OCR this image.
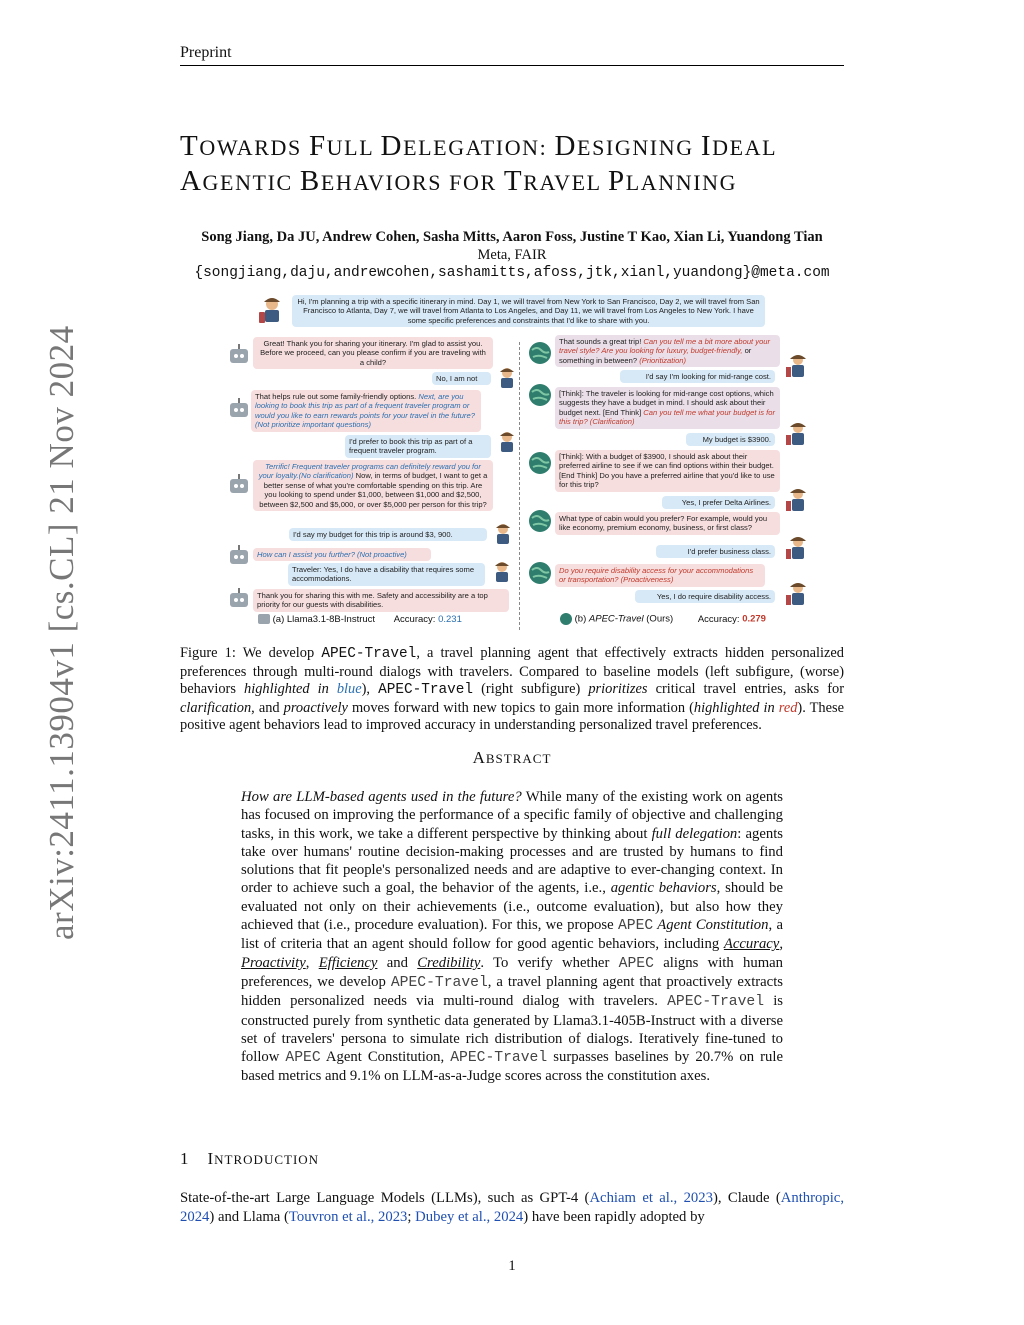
Preprint
arXiv:2411.13904v1 [cs.CL] 21 Nov 2024
TOWARDS FULL DELEGATION: DESIGNING IDEAL
AGENTIC BEHAVIORS FOR TRAVEL PLANNING
Song Jiang, Da JU, Andrew Cohen, Sasha Mitts, Aaron Foss, Justine T Kao, Xian Li, Yuandong Tian
Meta, FAIR
{songjiang,daju,andrewcohen,sashamitts,afoss,jtk,xianl,yuandong}@meta.com
Hi, I'm planning a trip with a specific itinerary in mind. Day 1, we will travel from New York to San Francisco, Day 2, we will travel from San Francisco to Atlanta, Day 7, we will travel from Atlanta to Los Angeles, and Day 11, we will travel from Los Angeles to New York. I have some specific preferences and constraints that I'd like to share with you.
Great! Thank you for sharing your itinerary. I'm glad to assist you. Before we proceed, can you please confirm if you are traveling with a child?
No, I am not
That helps rule out some family-friendly options. Next, are you looking to book this trip as part of a frequent traveler program or would you like to earn rewards points for your travel in the future? (Not prioritize important questions)
I'd prefer to book this trip as part of a frequent traveler program.
Terrific! Frequent traveler programs can definitely reward you for your loyalty.(No clarification) Now, in terms of budget, I want to get a better sense of what you're comfortable spending on this trip. Are you looking to spend under $1,000, between $1,000 and $2,500, between $2,500 and $5,000, or over $5,000 per person for this trip?
I'd say my budget for this trip is around $3, 900.
How can I assist you further? (Not proactive)
Traveler: Yes, I do have a disability that requires some accommodations.
Thank you for sharing this with me. Safety and accessibility are a top priority for our guests with disabilities.
(a) Llama3.1-8B-Instruct Accuracy: 0.231
That sounds a great trip! Can you tell me a bit more about your travel style? Are you looking for luxury, budget-friendly, or something in between? (Prioritization)
I'd say I'm looking for mid-range cost.
[Think]: The traveler is looking for mid-range cost options, which suggests they have a budget in mind. I should ask about their budget next. [End Think] Can you tell me what your budget is for this trip? (Clarification)
My budget is $3900.
[Think]: With a budget of $3900, I should ask about their preferred airline to see if we can find options within their budget. [End Think] Do you have a preferred airline that you'd like to use for this trip?
Yes, I prefer Delta Airlines.
What type of cabin would you prefer? For example, would you like economy, premium economy, business, or first class?
I'd prefer business class.
Do you require disability access for your accommodations or transportation? (Proactiveness)
Yes, I do require disability access.
(b) APEC-Travel (Ours)	Accuracy: 0.279
Figure 1: We develop APEC-Travel, a travel planning agent that effectively extracts hidden personalized preferences through multi-round dialogs with travelers. Compared to baseline models (left subfigure, (worse) behaviors highlighted in blue), APEC-Travel (right subfigure) prioritizes critical travel entries, asks for clarification, and proactively moves forward with new topics to gain more information (highlighted in red). These positive agent behaviors lead to improved accuracy in understanding personalized travel preferences.
ABSTRACT
How are LLM-based agents used in the future? While many of the existing work on agents has focused on improving the performance of a specific family of objective and challenging tasks, in this work, we take a different perspective by thinking about full delegation: agents take over humans' routine decision-making processes and are trusted by humans to find solutions that fit people's personalized needs and are adaptive to ever-changing context. In order to achieve such a goal, the behavior of the agents, i.e., agentic behaviors, should be evaluated not only on their achievements (i.e., outcome evaluation), but also how they achieved that (i.e., procedure evaluation). For this, we propose APEC Agent Constitution, a list of criteria that an agent should follow for good agentic behaviors, including Accuracy, Proactivity, Efficiency and Credibility. To verify whether APEC aligns with human preferences, we develop APEC-Travel, a travel planning agent that proactively extracts hidden personalized needs via multi-round dialog with travelers. APEC-Travel is constructed purely from synthetic data generated by Llama3.1-405B-Instruct with a diverse set of travelers' persona to simulate rich distribution of dialogs. Iteratively fine-tuned to follow APEC Agent Constitution, APEC-Travel surpasses baselines by 20.7% on rule based metrics and 9.1% on LLM-as-a-Judge scores across the constitution axes.
1 INTRODUCTION
State-of-the-art Large Language Models (LLMs), such as GPT-4 (Achiam et al., 2023), Claude (Anthropic, 2024) and Llama (Touvron et al., 2023; Dubey et al., 2024) have been rapidly adopted by
1
